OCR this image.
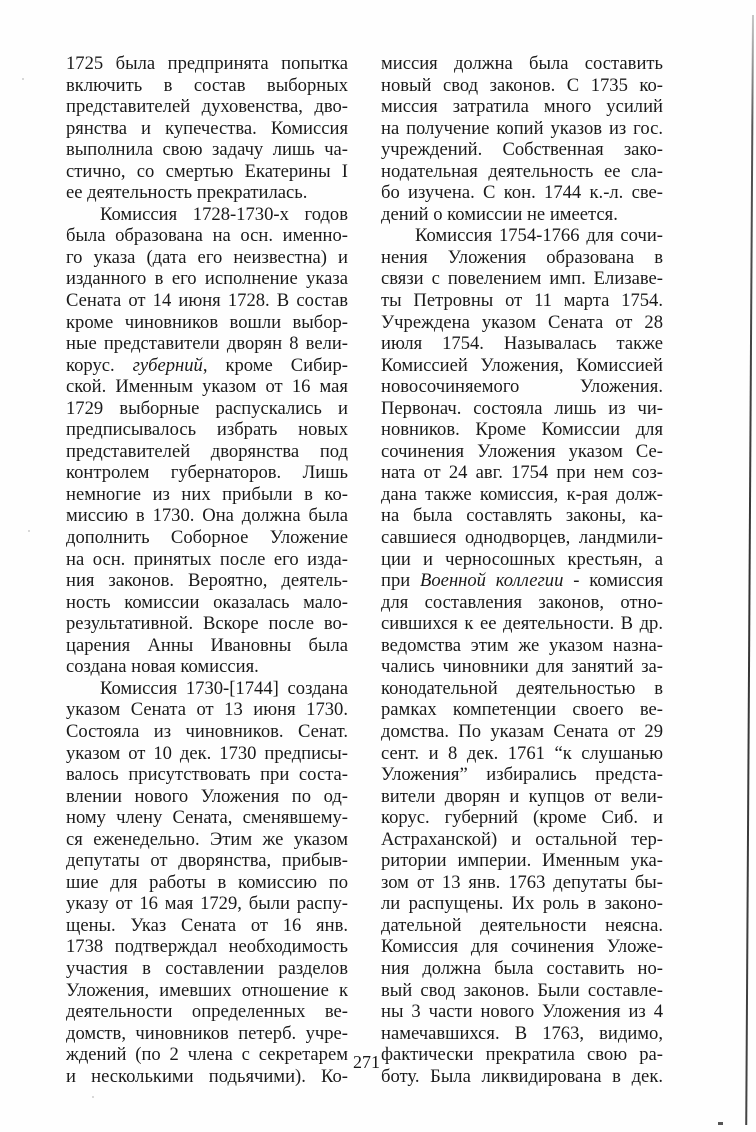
1725 была предпринята попытка
включить в состав выборных
представителей духовенства, дво-
рянства и купечества. Комиссия
выполнила свою задачу лишь ча-
стично, со смертью Екатерины I
ее деятельность прекратилась.
Комиссия 1728-1730-х годов
была образована на осн. именно-
го указа (дата его неизвестна) и
изданного в его исполнение указа
Сената от 14 июня 1728. В состав
кроме чиновников вошли выбор-
ные представители дворян 8 вели-
корус. губерний, кроме Сибир-
ской. Именным указом от 16 мая
1729 выборные распускались и
предписывалось избрать новых
представителей дворянства под
контролем губернаторов. Лишь
немногие из них прибыли в ко-
миссию в 1730. Она должна была
дополнить Соборное Уложение
на осн. принятых после его изда-
ния законов. Вероятно, деятель-
ность комиссии оказалась мало-
результативной. Вскоре после во-
царения Анны Ивановны была
создана новая комиссия.
Комиссия 1730-[1744] создана
указом Сената от 13 июня 1730.
Состояла из чиновников. Сенат.
указом от 10 дек. 1730 предписы-
валось присутствовать при соста-
влении нового Уложения по од-
ному члену Сената, сменявшему-
ся еженедельно. Этим же указом
депутаты от дворянства, прибыв-
шие для работы в комиссию по
указу от 16 мая 1729, были распу-
щены. Указ Сената от 16 янв.
1738 подтверждал необходимость
участия в составлении разделов
Уложения, имевших отношение к
деятельности определенных ве-
домств, чиновников петерб. учре-
ждений (по 2 члена с секретарем
и несколькими подьячими). Ко-
миссия должна была составить
новый свод законов. С 1735 ко-
миссия затратила много усилий
на получение копий указов из гос.
учреждений. Собственная зако-
нодательная деятельность ее сла-
бо изучена. С кон. 1744 к.-л. све-
дений о комиссии не имеется.
Комиссия 1754-1766 для сочи-
нения Уложения образована в
связи с повелением имп. Елизаве-
ты Петровны от 11 марта 1754.
Учреждена указом Сената от 28
июля 1754. Называлась также
Комиссией Уложения, Комиссией
новосочиняемого Уложения.
Первонач. состояла лишь из чи-
новников. Кроме Комиссии для
сочинения Уложения указом Се-
ната от 24 авг. 1754 при нем соз-
дана также комиссия, к-рая долж-
на была составлять законы, ка-
савшиеся однодворцев, ландмили-
ции и черносошных крестьян, а
при Военной коллегии - комиссия
для составления законов, отно-
сившихся к ее деятельности. В др.
ведомства этим же указом назна-
чались чиновники для занятий за-
конодательной деятельностью в
рамках компетенции своего ве-
домства. По указам Сената от 29
сент. и 8 дек. 1761 “к слушанью
Уложения” избирались предста-
вители дворян и купцов от вели-
корус. губерний (кроме Сиб. и
Астраханской) и остальной тер-
ритории империи. Именным ука-
зом от 13 янв. 1763 депутаты бы-
ли распущены. Их роль в законо-
дательной деятельности неясна.
Комиссия для сочинения Уложе-
ния должна была составить но-
вый свод законов. Были составле-
ны 3 части нового Уложения из 4
намечавшихся. В 1763, видимо,
фактически прекратила свою ра-
боту. Была ликвидирована в дек.
271
